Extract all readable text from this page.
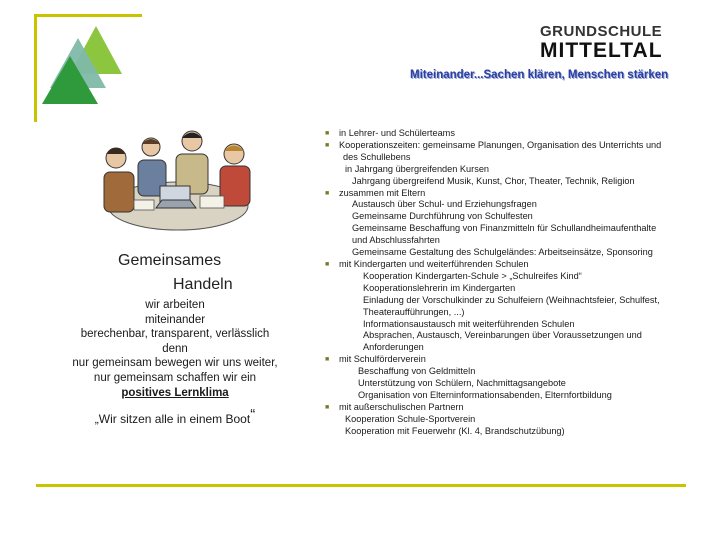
GRUNDSCHULE
MITTELTAL
Miteinander...Sachen klären, Menschen stärken
Gemeinsames
Handeln
wir arbeiten
miteinander
berechenbar, transparent, verlässlich
denn
nur gemeinsam bewegen wir uns weiter,
nur gemeinsam schaffen wir ein
positives Lernklima
„Wir sitzen alle in einem Boot“
■ in Lehrer- und Schülerteams
■ Kooperationszeiten: gemeinsame Planungen, Organisation des Unterrichts und
des Schullebens
in Jahrgang übergreifenden Kursen
Jahrgang übergreifend Musik, Kunst, Chor, Theater, Technik, Religion
■ zusammen mit Eltern
Austausch über Schul- und Erziehungsfragen
Gemeinsame Durchführung von Schulfesten
Gemeinsame Beschaffung von Finanzmitteln für Schullandheimaufenthalte
und Abschlussfahrten
Gemeinsame Gestaltung des Schulgeländes: Arbeitseinsätze, Sponsoring
■ mit Kindergarten und weiterführenden Schulen
Kooperation Kindergarten-Schule > „Schulreifes Kind“
Kooperationslehrerin im Kindergarten
Einladung der Vorschulkinder zu Schulfeiern (Weihnachtsfeier, Schulfest,
Theateraufführungen, ...)
Informationsaustausch mit weiterführenden Schulen
Absprachen, Austausch, Vereinbarungen über Voraussetzungen und
Anforderungen
■ mit Schulförderverein
Beschaffung von Geldmitteln
Unterstützung von Schülern, Nachmittagsangebote
Organisation von Elterninformationsabenden, Elternfortbildung
■ mit außerschulischen Partnern
Kooperation Schule-Sportverein
Kooperation mit Feuerwehr (Kl. 4, Brandschutzübung)
